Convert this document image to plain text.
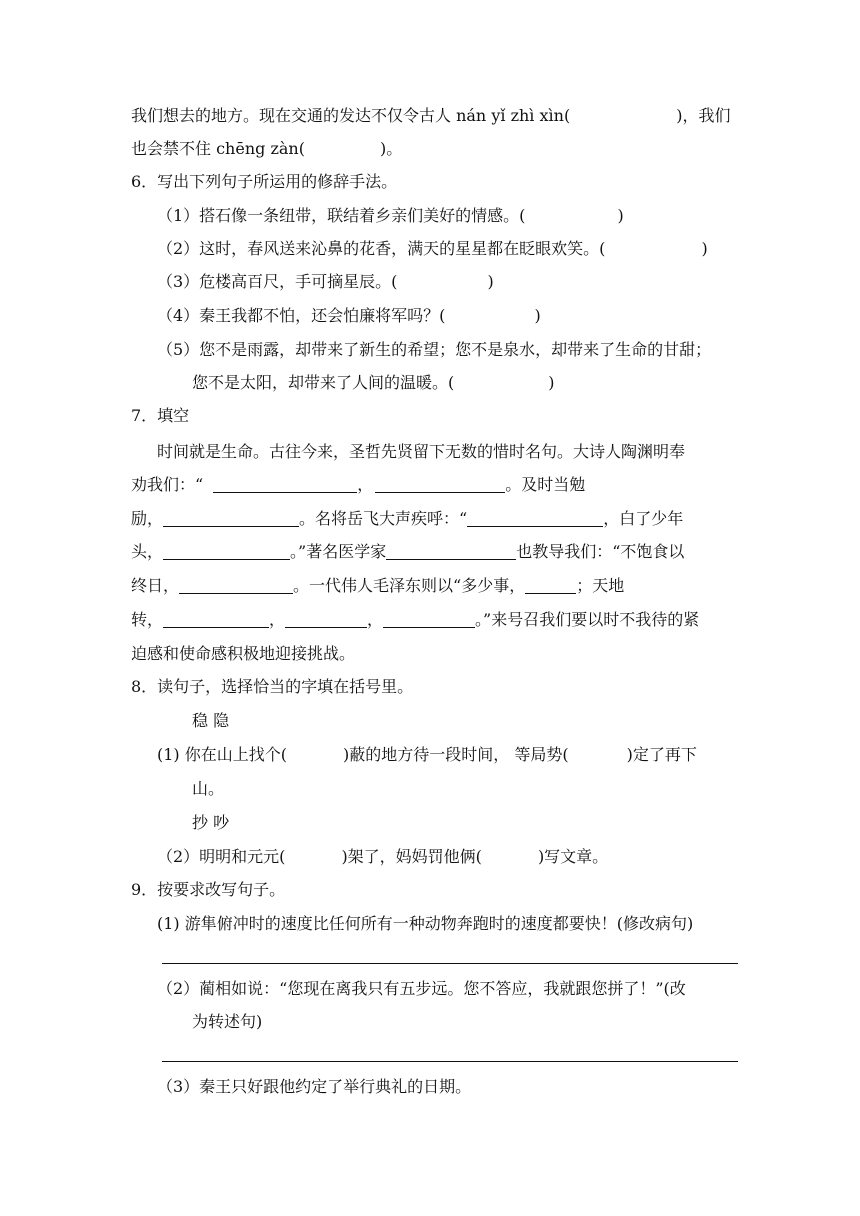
我们想去的地方。现在交通的发达不仅令古人 nán yǐ zhì xìn(	)，我们
也会禁不住 chēng zàn(	)。
6．写出下列句子所运用的修辞手法。
（1）搭石像一条纽带，联结着乡亲们美好的情感。(	)
（2）这时，春风送来沁鼻的花香，满天的星星都在眨眼欢笑。(	)
（3）危楼高百尺，手可摘星辰。(	)
（4）秦王我都不怕，还会怕廉将军吗？(	)
（5）您不是雨露，却带来了新生的希望；您不是泉水，却带来了生命的甘甜；
您不是太阳，却带来了人间的温暖。(	)
7．填空
时间就是生命。古往今来，圣哲先贤留下无数的惜时名句。大诗人陶渊明奉
劝我们：“	，	。及时当勉
励，	。名将岳飞大声疾呼：“	，白了少年
头，	。”著名医学家	也教导我们：“不饱食以
终日，	。一代伟人毛泽东则以“多少事，	；天地
转，	，	，	。”来号召我们要以时不我待的紧
迫感和使命感积极地迎接挑战。
8．读句子，选择恰当的字填在括号里。
稳 隐
(1) 你在山上找个(	)蔽的地方待一段时间， 等局势(	)定了再下
山。
抄 吵
（2）明明和元元(	)架了，妈妈罚他俩(	)写文章。
9．按要求改写句子。
(1) 游隼俯冲时的速度比任何所有一种动物奔跑时的速度都要快！(修改病句)
（2）蔺相如说：“您现在离我只有五步远。您不答应，我就跟您拼了！”(改
为转述句)
（3）秦王只好跟他约定了举行典礼的日期。
